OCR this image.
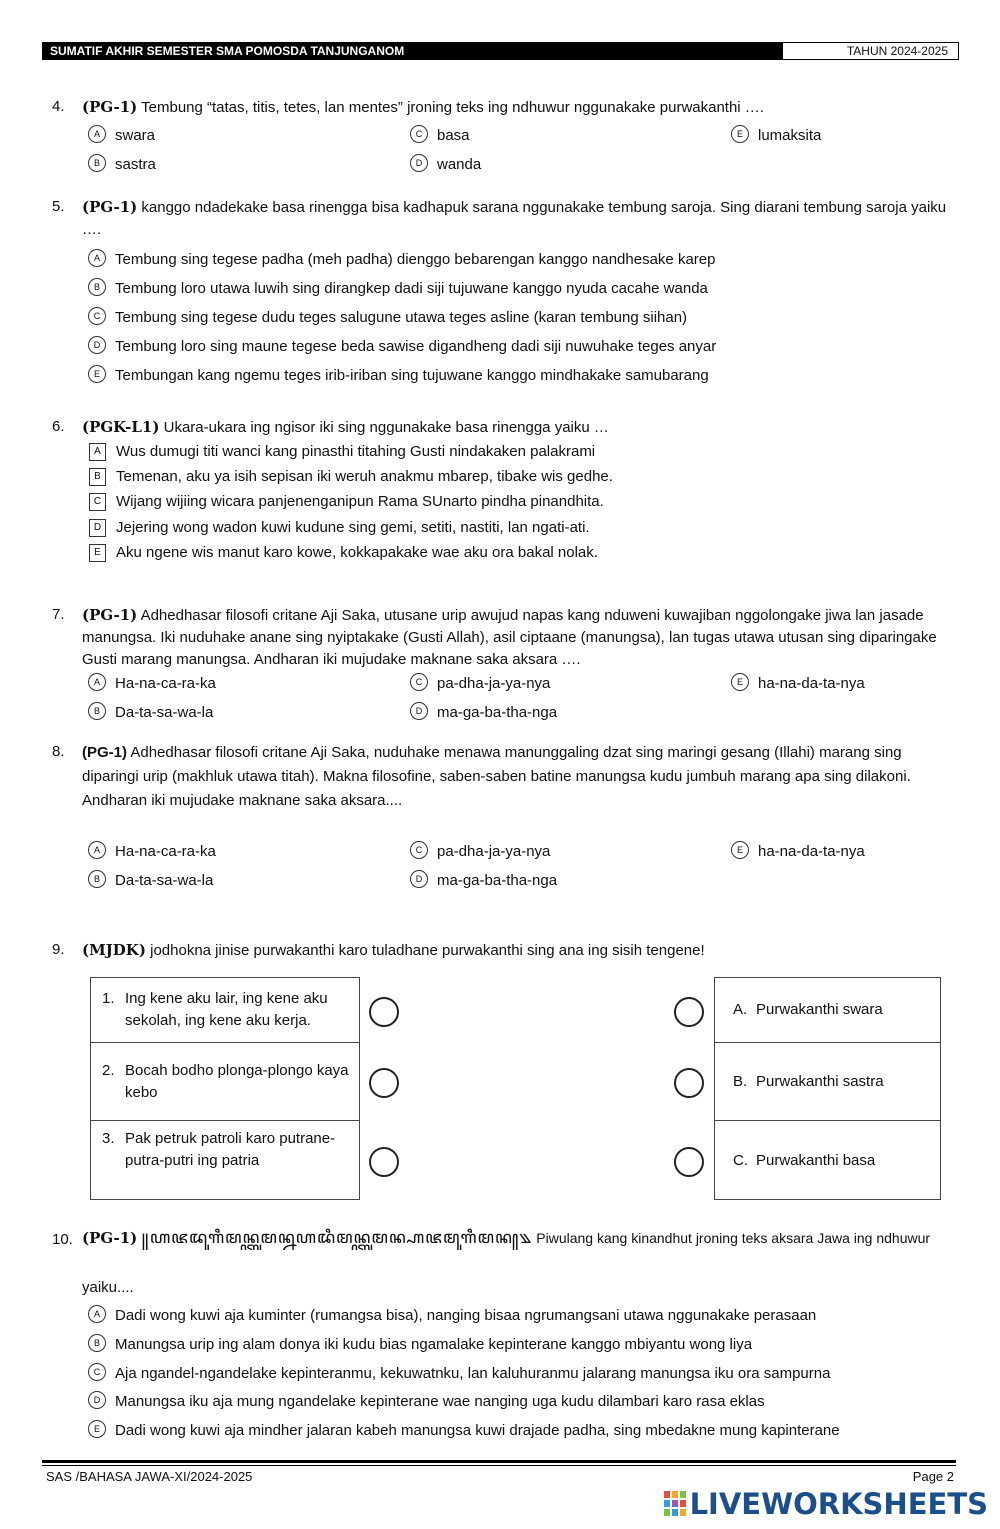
SUMATIF AKHIR SEMESTER SMA POMOSDA TANJUNGANOM	TAHUN 2024-2025
4. (PG-1) Tembung “tatas, titis, tetes, lan mentes” jroning teks ing ndhuwur nggunakake purwakanthi ….
A swara	C basa	E lumaksita
B sastra	D wanda
5. (PG-1) kanggo ndadekake basa rinengga bisa kadhapuk sarana nggunakake tembung saroja. Sing diarani tembung saroja yaiku ….
A Tembung sing tegese padha (meh padha) dienggo bebarengan kanggo nandhesake karep
B Tembung loro utawa luwih sing dirangkep dadi siji tujuwane kanggo nyuda cacahe wanda
C Tembung sing tegese dudu teges salugune utawa teges asline (karan tembung siihan)
D Tembung loro sing maune tegese beda sawise digandheng dadi siji nuwuhake teges anyar
E Tembungan kang ngemu teges irib-iriban sing tujuwane kanggo mindhakake samubarang
6. (PGK-L1) Ukara-ukara ing ngisor iki sing nggunakake basa rinengga yaiku …
A Wus dumugi titi wanci kang pinasthi titahing Gusti nindakaken palakrami
B Temenan, aku ya isih sepisan iki weruh anakmu mbarep, tibake wis gedhe.
C Wijang wijiing wicara panjenenganipun Rama SUnarto pindha pinandhita.
D Jejering wong wadon kuwi kudune sing gemi, setiti, nastiti, lan ngati-ati.
E Aku ngene wis manut karo kowe, kokkapakake wae aku ora bakal nolak.
7. (PG-1) Adhedhasar filosofi critane Aji Saka, utusane urip awujud napas kang nduweni kuwajiban nggolongake jiwa lan jasade manungsa. Iki nuduhake anane sing nyiptakake (Gusti Allah), asil ciptaane (manungsa), lan tugas utawa utusan sing diparingake Gusti marang manungsa. Andharan iki mujudake maknane saka aksara ….
A Ha-na-ca-ra-ka	C pa-dha-ja-ya-nya	E ha-na-da-ta-nya
B Da-ta-sa-wa-la	D ma-ga-ba-tha-nga
8. (PG-1) Adhedhasar filosofi critane Aji Saka, nuduhake menawa manunggaling dzat sing maringi gesang (Illahi) marang sing diparingi urip (makhluk utawa titah). Makna filosofine, saben-saben batine manungsa kudu jumbuh marang apa sing dilakoni. Andharan iki mujudake maknane saka aksara....
A Ha-na-ca-ra-ka	C pa-dha-ja-ya-nya	E ha-na-da-ta-nya
B Da-ta-sa-wa-la	D ma-ga-ba-tha-nga
9. (MJDK) jodhokna jinise purwakanthi karo tuladhane purwakanthi sing ana ing sisih tengene!
1. Ing kene aku lair, ing kene aku sekolah, ing kene aku kerja.
2. Bocah bodho plonga-plongo kaya kebo
3. Pak petruk patroli karo putrane-putra-putri ing patria
A. Purwakanthi swara
B. Purwakanthi sastra
C. Purwakanthi basa
10. (PG-1) ꧋ꦲꦗꦢꦸꦒꦶꦩꦤ꧀ꦠꦸꦩꦤ꧀ꦤꦲꦢꦶꦩꦤ꧀ꦠꦸꦩꦤ꧀ꦲꦗꦩꦸꦒꦶꦩꦤ꧀꧉ Piwulang kang kinandhut jroning teks aksara Jawa ing ndhuwur
yaiku....
A Dadi wong kuwi aja kuminter (rumangsa bisa), nanging bisaa ngrumangsani utawa nggunakake perasaan
B Manungsa urip ing alam donya iki kudu bias ngamalake kepinterane kanggo mbiyantu wong liya
C Aja ngandel-ngandelake kepinteranmu, kekuwatnku, lan kaluhuranmu jalarang manungsa iku ora sampurna
D Manungsa iku aja mung ngandelake kepinterane wae nanging uga kudu dilambari karo rasa eklas
E Dadi wong kuwi aja mindher jalaran kabeh manungsa kuwi drajade padha, sing mbedakne mung kapinterane
SAS /BAHASA JAWA-XI/2024-2025	Page 2
LIVEWORKSHEETS
